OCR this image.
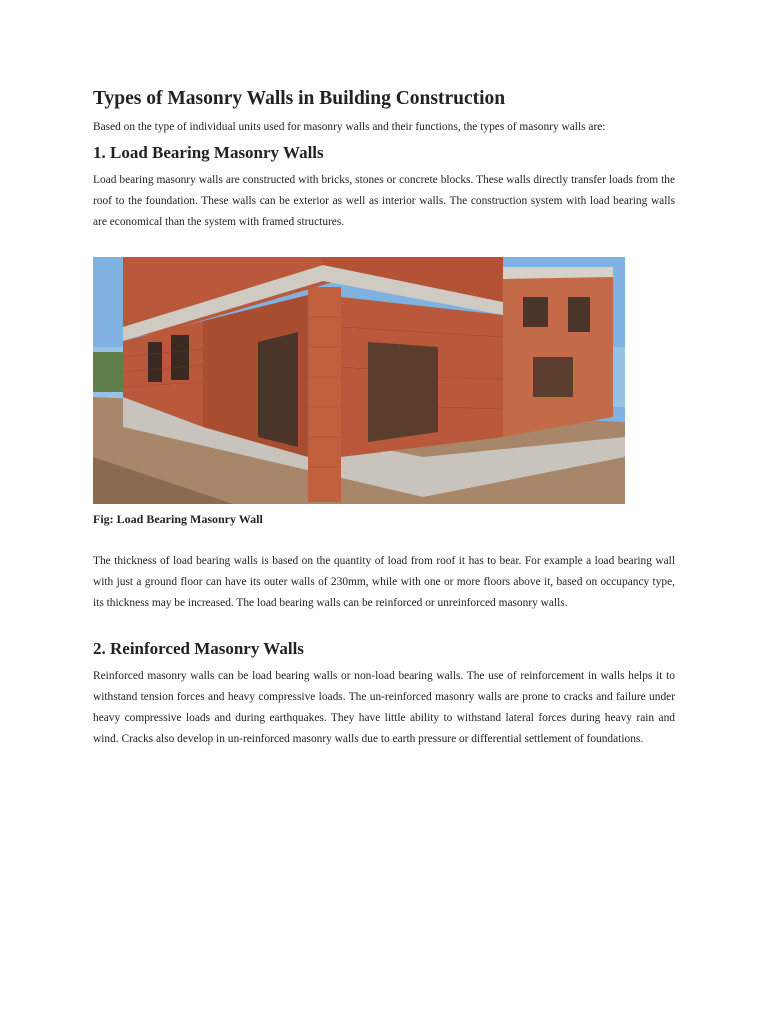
Types of Masonry Walls in Building Construction

Based on the type of individual units used for masonry walls and their functions, the types of masonry walls are:

1. Load Bearing Masonry Walls

Load bearing masonry walls are constructed with bricks, stones or concrete blocks. These walls directly transfer loads from the roof to the foundation. These walls can be exterior as well as interior walls. The construction system with load bearing walls are economical than the system with framed structures.

Fig: Load Bearing Masonry Wall

The thickness of load bearing walls is based on the quantity of load from roof it has to bear. For example a load bearing wall with just a ground floor can have its outer walls of 230mm, while with one or more floors above it, based on occupancy type, its thickness may be increased. The load bearing walls can be reinforced or unreinforced masonry walls.

2. Reinforced Masonry Walls

Reinforced masonry walls can be load bearing walls or non-load bearing walls. The use of reinforcement in walls helps it to withstand tension forces and heavy compressive loads. The un-reinforced masonry walls are prone to cracks and failure under heavy compressive loads and during earthquakes. They have little ability to withstand lateral forces during heavy rain and wind. Cracks also develop in un-reinforced masonry walls due to earth pressure or differential settlement of foundations.
